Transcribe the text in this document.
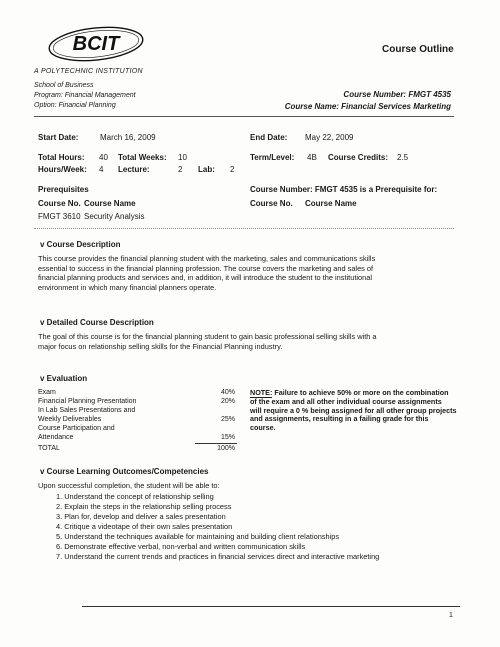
BCIT
A POLYTECHNIC INSTITUTION
Course Outline
School of Business
Program: Financial Management
Option: Financial Planning
Course Number: FMGT 4535
Course Name: Financial Services Marketing
Start Date:	March 16, 2009	End Date: May 22, 2009
Total Hours: 40 Total Weeks: 10	Term/Level: 4B Course Credits: 2.5
Hours/Week: 4 Lecture:	2 Lab: 2
Prerequisites
Course No. Course Name
FMGT 3610 Security Analysis
Course Number: FMGT 4535 is a Prerequisite for:
Course No. Course Name
v Course Description
This course provides the financial planning student with the marketing, sales and communications skills
essential to success in the financial planning profession. The course covers the marketing and sales of
financial planning products and services and, in addition, it will introduce the student to the institutional
environment in which many financial planners operate.
v Detailed Course Description
The goal of this course is for the financial planning student to gain basic professional selling skills with a
major focus on relationship selling skills for the Financial Planning industry.
v Evaluation
Exam	40%
Financial Planning Presentation	20%
In Lab Sales Presentations and
Weekly Deliverables	25%
Course Participation and
Attendance	15%
TOTAL	100%
NOTE: Failure to achieve 50% or more on the combination
of the exam and all other individual course assignments
will require a 0 % being assigned for all other group projects
and assignments, resulting in a failing grade for this
course.
v Course Learning Outcomes/Competencies
Upon successful completion, the student will be able to:
1. Understand the concept of relationship selling
2. Explain the steps in the relationship selling process
3. Plan for, develop and deliver a sales presentation
4. Critique a videotape of their own sales presentation
5. Understand the techniques available for maintaining and building client relationships
6. Demonstrate effective verbal, non-verbal and written communication skills
7. Understand the current trends and practices in financial services direct and interactive marketing
1
